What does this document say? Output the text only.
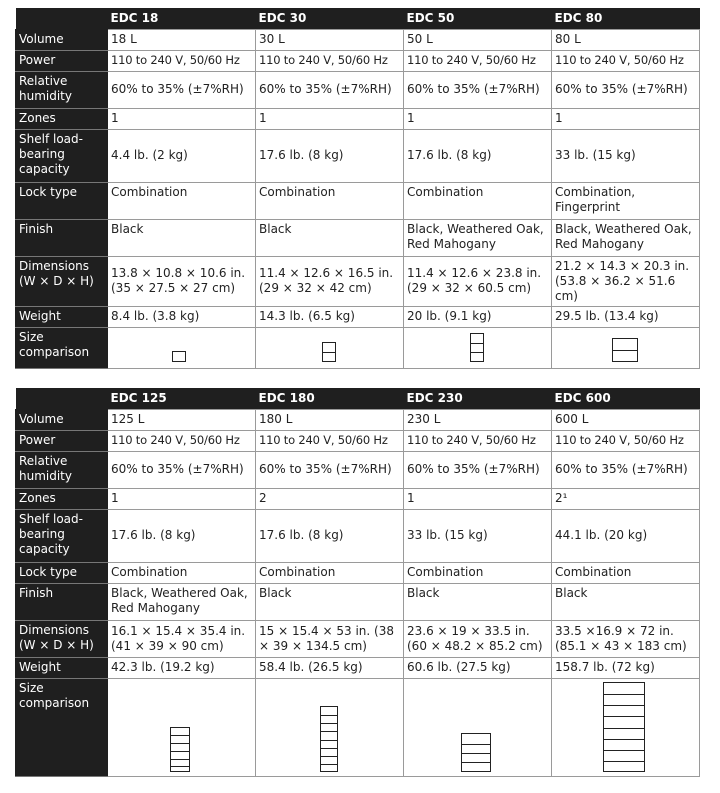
	EDC 18	EDC 30	EDC 50	EDC 80
Volume	18 L	30 L	50 L	80 L
Power	110 to 240 V, 50/60 Hz	110 to 240 V, 50/60 Hz	110 to 240 V, 50/60 Hz	110 to 240 V, 50/60 Hz
Relative humidity	60% to 35% (±7%RH)	60% to 35% (±7%RH)	60% to 35% (±7%RH)	60% to 35% (±7%RH)
Zones	1	1	1	1
Shelf load-bearing capacity	4.4 lb. (2 kg)	17.6 lb. (8 kg)	17.6 lb. (8 kg)	33 lb. (15 kg)
Lock type	Combination	Combination	Combination	Combination, Fingerprint
Finish	Black	Black	Black, Weathered Oak, Red Mahogany	Black, Weathered Oak, Red Mahogany
Dimensions (W × D × H)	13.8 × 10.8 × 10.6 in. (35 × 27.5 × 27 cm)	11.4 × 12.6 × 16.5 in. (29 × 32 × 42 cm)	11.4 × 12.6 × 23.8 in. (29 × 32 × 60.5 cm)	21.2 × 14.3 × 20.3 in. (53.8 × 36.2 × 51.6 cm)
Weight	8.4 lb. (3.8 kg)	14.3 lb. (6.5 kg)	20 lb. (9.1 kg)	29.5 lb. (13.4 kg)
Size comparison	

	EDC 125	EDC 180	EDC 230	EDC 600
Volume	125 L	180 L	230 L	600 L
Power	110 to 240 V, 50/60 Hz	110 to 240 V, 50/60 Hz	110 to 240 V, 50/60 Hz	110 to 240 V, 50/60 Hz
Relative humidity	60% to 35% (±7%RH)	60% to 35% (±7%RH)	60% to 35% (±7%RH)	60% to 35% (±7%RH)
Zones	1	2	1	2¹
Shelf load-bearing capacity	17.6 lb. (8 kg)	17.6 lb. (8 kg)	33 lb. (15 kg)	44.1 lb. (20 kg)
Lock type	Combination	Combination	Combination	Combination
Finish	Black, Weathered Oak, Red Mahogany	Black	Black	Black
Dimensions (W × D × H)	16.1 × 15.4 × 35.4 in. (41 × 39 × 90 cm)	15 × 15.4 × 53 in. (38 × 39 × 134.5 cm)	23.6 × 19 × 33.5 in. (60 × 48.2 × 85.2 cm)	33.5 ×16.9 × 72 in. (85.1 × 43 × 183 cm)
Weight	42.3 lb. (19.2 kg)	58.4 lb. (26.5 kg)	60.6 lb. (27.5 kg)	158.7 lb. (72 kg)
Size comparison	
